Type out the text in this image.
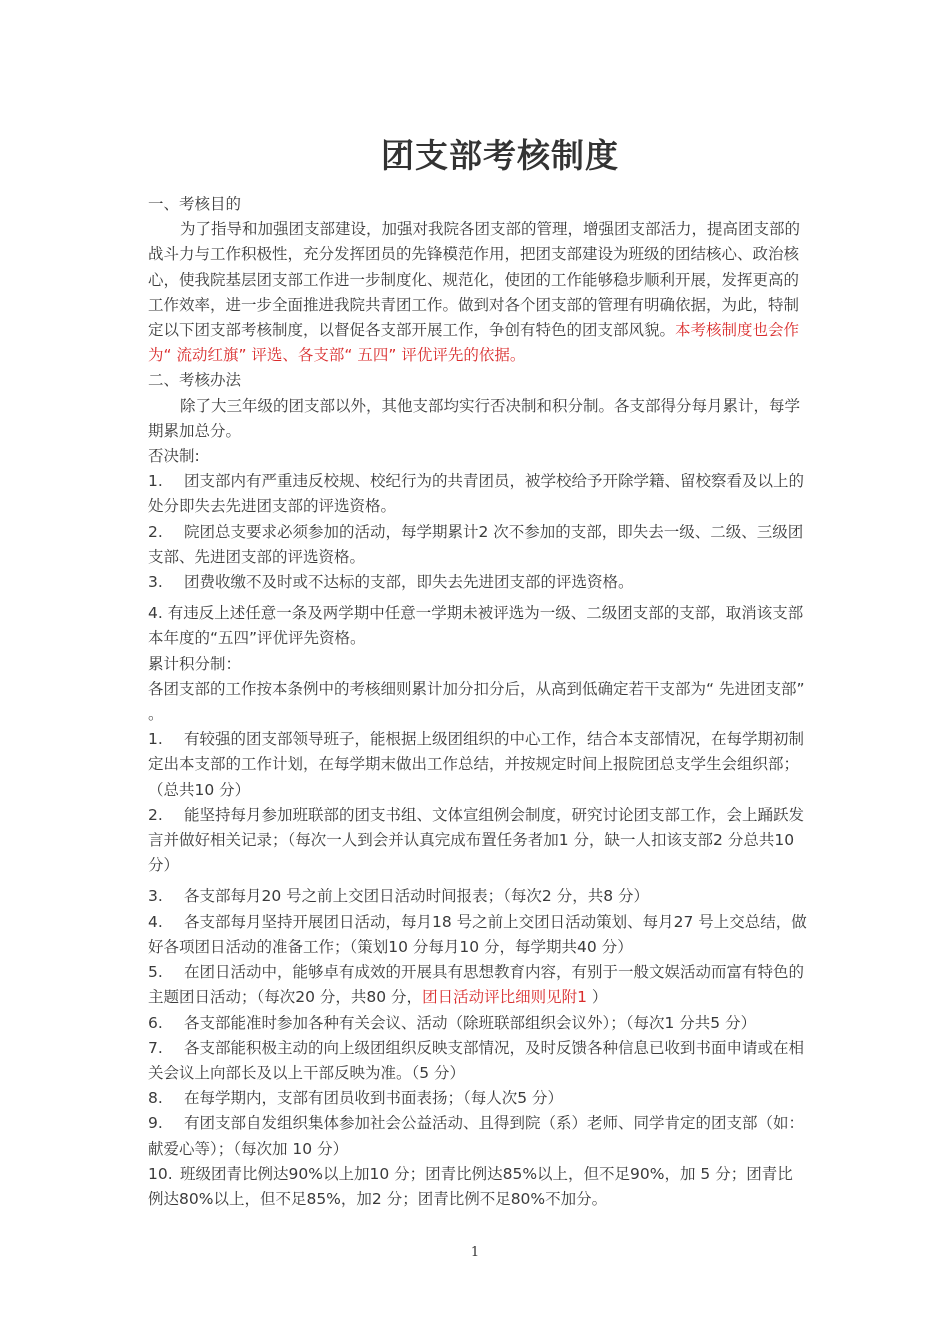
团支部考核制度

一、考核目的

为了指导和加强团支部建设，加强对我院各团支部的管理，增强团支部活力，提高团支部的战斗力与工作积极性，充分发挥团员的先锋模范作用，把团支部建设为班级的团结核心、政治核心，使我院基层团支部工作进一步制度化、规范化，使团的工作能够稳步顺利开展，发挥更高的工作效率，进一步全面推进我院共青团工作。做到对各个团支部的管理有明确依据，为此，特制定以下团支部考核制度，以督促各支部开展工作，争创有特色的团支部风貌。本考核制度也会作为“ 流动红旗” 评选、各支部“ 五四” 评优评先的依据。

二、考核办法

除了大三年级的团支部以外，其他支部均实行否决制和积分制。各支部得分每月累计，每学期累加总分。

否决制:

1. 团支部内有严重违反校规、校纪行为的共青团员，被学校给予开除学籍、留校察看及以上的处分即失去先进团支部的评选资格。

2. 院团总支要求必须参加的活动，每学期累计2 次不参加的支部，即失去一级、二级、三级团支部、先进团支部的评选资格。

3. 团费收缴不及时或不达标的支部，即失去先进团支部的评选资格。

4. 有违反上述任意一条及两学期中任意一学期未被评选为一级、二级团支部的支部，取消该支部本年度的“五四”评优评先资格。

累计积分制：

各团支部的工作按本条例中的考核细则累计加分扣分后，从高到低确定若干支部为“ 先进团支部” 。

1. 有较强的团支部领导班子，能根据上级团组织的中心工作，结合本支部情况，在每学期初制定出本支部的工作计划，在每学期末做出工作总结，并按规定时间上报院团总支学生会组织部；（总共10 分）

2. 能坚持每月参加班联部的团支书组、文体宣组例会制度，研究讨论团支部工作，会上踊跃发言并做好相关记录；（每次一人到会并认真完成布置任务者加1 分，缺一人扣该支部2 分总共10 分）

3. 各支部每月20 号之前上交团日活动时间报表；（每次2 分，共8 分）

4. 各支部每月坚持开展团日活动，每月18 号之前上交团日活动策划、每月27 号上交总结，做好各项团日活动的准备工作；（策划10 分每月10 分，每学期共40 分）

5. 在团日活动中，能够卓有成效的开展具有思想教育内容，有别于一般文娱活动而富有特色的主题团日活动；（每次20 分，共80 分，团日活动评比细则见附1 ）

6. 各支部能准时参加各种有关会议、活动（除班联部组织会议外）；（每次1 分共5 分）

7. 各支部能积极主动的向上级团组织反映支部情况，及时反馈各种信息已收到书面申请或在相关会议上向部长及以上干部反映为准。（5 分）

8. 在每学期内，支部有团员收到书面表扬；（每人次5 分）

9. 有团支部自发组织集体参加社会公益活动、且得到院（系）老师、同学肯定的团支部（如：献爱心等）；（每次加 10 分）

10. 班级团青比例达90%以上加10 分；团青比例达85%以上，但不足90%，加 5 分；团青比例达80%以上，但不足85%，加2 分；团青比例不足80%不加分。

1
